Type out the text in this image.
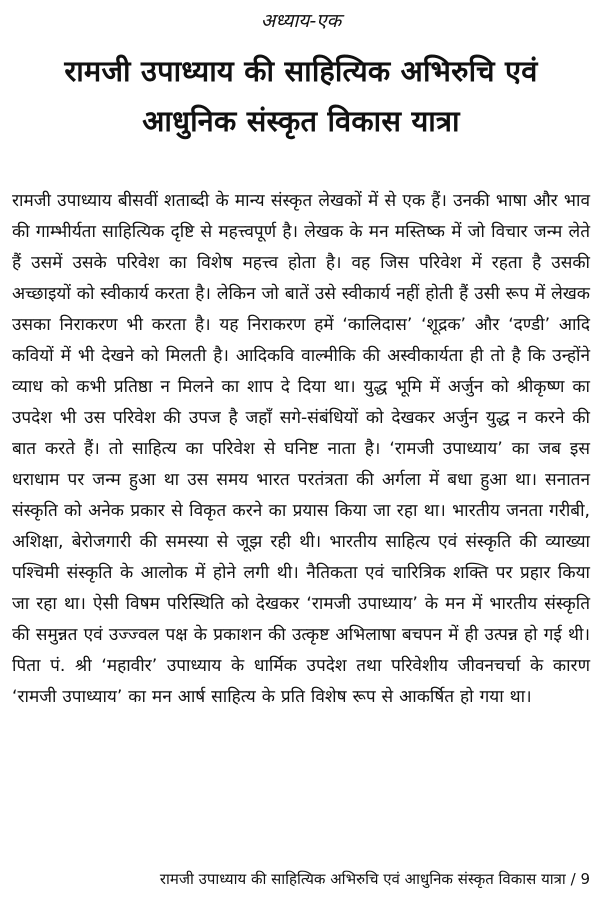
अध्याय-एक
रामजी उपाध्याय की साहित्यिक अभिरुचि एवं
आधुनिक संस्कृत विकास यात्रा
रामजी उपाध्याय बीसवीं शताब्दी के मान्य संस्कृत लेखकों में से एक हैं। उनकी भाषा और भाव की गाम्भीर्यता साहित्यिक दृष्टि से महत्त्वपूर्ण है। लेखक के मन मस्तिष्क में जो विचार जन्म लेते हैं उसमें उसके परिवेश का विशेष महत्त्व होता है। वह जिस परिवेश में रहता है उसकी अच्छाइयों को स्वीकार्य करता है। लेकिन जो बातें उसे स्वीकार्य नहीं होती हैं उसी रूप में लेखक उसका निराकरण भी करता है। यह निराकरण हमें ‘कालिदास’ ‘शूद्रक’ और ‘दण्डी’ आदि कवियों में भी देखने को मिलती है। आदिकवि वाल्मीकि की अस्वीकार्यता ही तो है कि उन्होंने व्याध को कभी प्रतिष्ठा न मिलने का शाप दे दिया था। युद्ध भूमि में अर्जुन को श्रीकृष्ण का उपदेश भी उस परिवेश की उपज है जहाँ सगे-संबंधियों को देखकर अर्जुन युद्ध न करने की बात करते हैं। तो साहित्य का परिवेश से घनिष्ट नाता है। ‘रामजी उपाध्याय’ का जब इस धराधाम पर जन्म हुआ था उस समय भारत परतंत्रता की अर्गला में बधा हुआ था। सनातन संस्कृति को अनेक प्रकार से विकृत करने का प्रयास किया जा रहा था। भारतीय जनता गरीबी, अशिक्षा, बेरोजगारी की समस्या से जूझ रही थी। भारतीय साहित्य एवं संस्कृति की व्याख्या पश्चिमी संस्कृति के आलोक में होने लगी थी। नैतिकता एवं चारित्रिक शक्ति पर प्रहार किया जा रहा था। ऐसी विषम परिस्थिति को देखकर ‘रामजी उपाध्याय’ के मन में भारतीय संस्कृति की समुन्नत एवं उज्ज्वल पक्ष के प्रकाशन की उत्कृष्ट अभिलाषा बचपन में ही उत्पन्न हो गई थी। पिता पं. श्री ‘महावीर’ उपाध्याय के धार्मिक उपदेश तथा परिवेशीय जीवनचर्चा के कारण ‘रामजी उपाध्याय’ का मन आर्ष साहित्य के प्रति विशेष रूप से आकर्षित हो गया था।
रामजी उपाध्याय की साहित्यिक अभिरुचि एवं आधुनिक संस्कृत विकास यात्रा / 9
